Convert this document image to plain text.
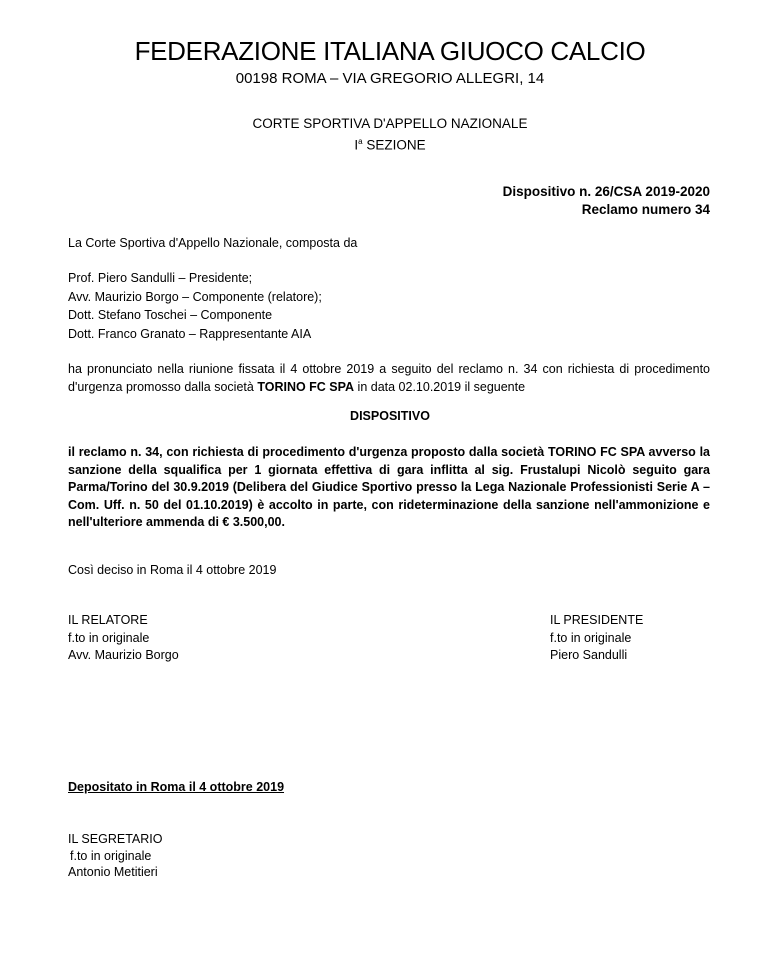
FEDERAZIONE ITALIANA GIUOCO CALCIO
00198 ROMA – VIA GREGORIO ALLEGRI, 14
CORTE SPORTIVA D'APPELLO NAZIONALE
$I^a$ SEZIONE
Dispositivo n. 26/CSA 2019-2020
Reclamo numero 34
La Corte Sportiva d'Appello Nazionale, composta da
Prof. Piero Sandulli – Presidente;
Avv. Maurizio Borgo – Componente (relatore);
Dott. Stefano Toschei – Componente
Dott. Franco Granato – Rappresentante AIA
ha pronunciato nella riunione fissata il 4 ottobre 2019 a seguito del reclamo n. 34 con richiesta di procedimento d'urgenza promosso dalla società TORINO FC SPA in data 02.10.2019 il seguente
DISPOSITIVO
il reclamo n. 34, con richiesta di procedimento d'urgenza proposto dalla società TORINO FC SPA avverso la sanzione della squalifica per 1 giornata effettiva di gara inflitta al sig. Frustalupi Nicolò seguito gara Parma/Torino del 30.9.2019 (Delibera del Giudice Sportivo presso la Lega Nazionale Professionisti Serie A – Com. Uff. n. 50 del 01.10.2019) è accolto in parte, con rideterminazione della sanzione nell'ammonizione e nell'ulteriore ammenda di € 3.500,00.
Così deciso in Roma il 4 ottobre 2019
IL RELATORE
f.to in originale
Avv. Maurizio Borgo
IL PRESIDENTE
f.to in originale
Piero Sandulli
Depositato in Roma il 4 ottobre 2019
IL SEGRETARIO
f.to in originale
Antonio Metitieri
